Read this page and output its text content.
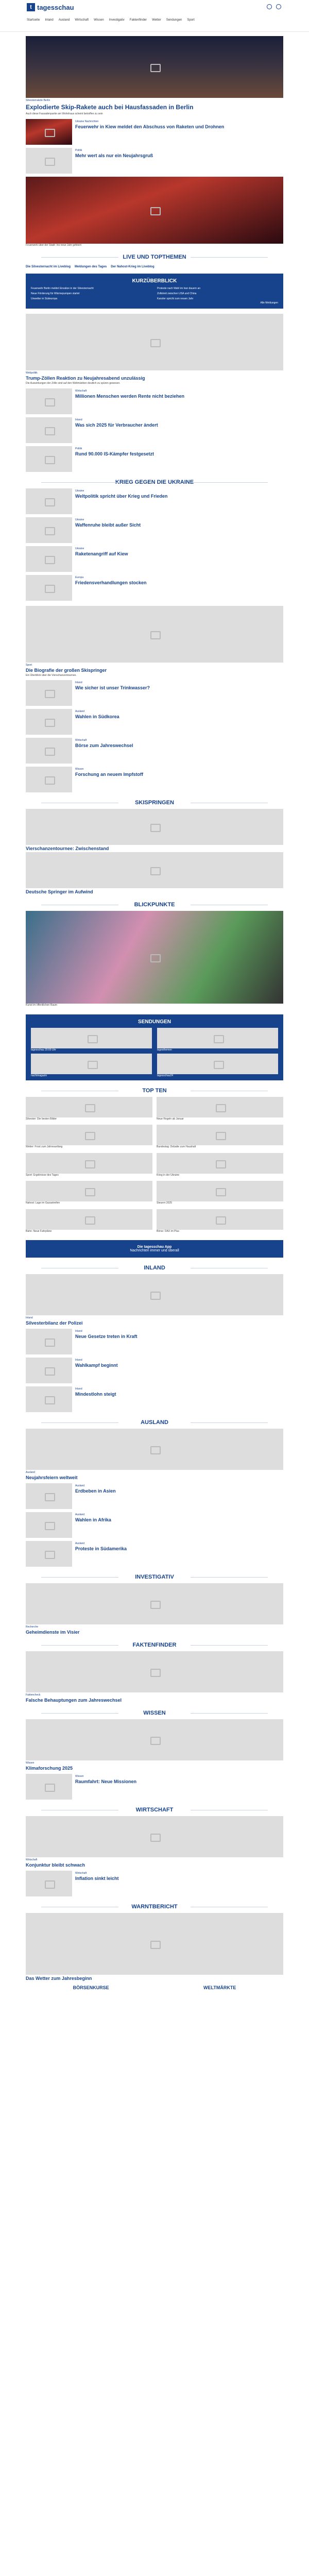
t tagesschau
Startseite Inland Ausland Wirtschaft Wissen Investigativ Faktenfinder Wetter Sendungen Sport
Silvesterrakete Berlin
Explodierte Skip-Rakete auch bei Hausfassaden in Berlin
Auch diese Fassadenpartie am Wohnhaus scheint betroffen zu sein
Ukraine Nachrichten
Feuerwehr in Kiew meldet den Abschuss von Raketen und Drohnen
Politik
Mehr wert als nur ein Neujahrsgruß
Feuerwerk über der Stadt: Ins neue Jahr gefeiert
LIVE UND TOPTHEMEN
Die Silvesternacht im Liveblog Meldungen des Tages Der Nahost-Krieg im Liveblog
KURZÜBERBLICK
Feuerwehr Berlin meldet Einsätze in der Silvesternacht	Proteste nach Wahl im Iran dauern an
Neue Förderung für Wärmepumpen startet	Zollstreit zwischen USA und China
Unwetter in Südeuropa	Kanzler spricht zum neuen Jahr
Alle Meldungen
Weltpolitik
Trump-Zöllen Reaktion zu Neujahresabend unzulässig
Die Auswirkungen der Zölle sind auf den Weltmärkten deutlich zu spüren gewesen.
Wirtschaft
Millionen Menschen werden Rente nicht beziehen
Inland
Was sich 2025 für Verbraucher ändert
Politik
Rund 90.000 IS-Kämpfer festgesetzt
KRIEG GEGEN DIE UKRAINE
Ukraine
Weltpolitik spricht über Krieg und Frieden
Ukraine
Waffenruhe bleibt außer Sicht
Ukraine
Raketenangriff auf Kiew
Europa
Friedensverhandlungen stocken
Sport
Die Biografie der großen Skispringer
Ein Überblick über die Vierschanzentournee.
Inland
Wie sicher ist unser Trinkwasser?
Ausland
Wahlen in Südkorea
Wirtschaft
Börse zum Jahreswechsel
Wissen
Forschung an neuem Impfstoff
SKISPRINGEN
Vierschanzentournee: Zwischenstand
Deutsche Springer im Aufwind
BLICKPUNKTE
Kunst im öffentlichen Raum
SENDUNGEN
tagesschau 20:00 Uhr	tagesthemen
nachtmagazin	tagesschau24
TOP TEN
Silvester: Die besten Bilder	Neue Regeln ab Januar
Wetter: Frost zum Jahresanfang	Bundestag: Debatte zum Haushalt
Sport: Ergebnisse des Tages	Krieg in der Ukraine
Nahost: Lage im Gazastreifen	Steuern 2025
Bahn: Neue Fahrpläne	Börse: DAX im Plus
Die tagesschau App
Nachrichten immer und überall
INLAND
Inland
Silvesterbilanz der Polizei
Inland
Neue Gesetze treten in Kraft
Inland
Wahlkampf beginnt
Inland
Mindestlohn steigt
AUSLAND
Ausland
Neujahrsfeiern weltweit
Ausland
Erdbeben in Asien
Ausland
Wahlen in Afrika
Ausland
Proteste in Südamerika
INVESTIGATIV
Recherche
Geheimdienste im Visier
FAKTENFINDER
Faktencheck
Falsche Behauptungen zum Jahreswechsel
WISSEN
Wissen
Klimaforschung 2025
Wissen
Raumfahrt: Neue Missionen
WIRTSCHAFT
Wirtschaft
Konjunktur bleibt schwach
Wirtschaft
Inflation sinkt leicht
WARNTBERICHT
Das Wetter zum Jahresbeginn
BÖRSENKURSE	WELTMÄRKTE
